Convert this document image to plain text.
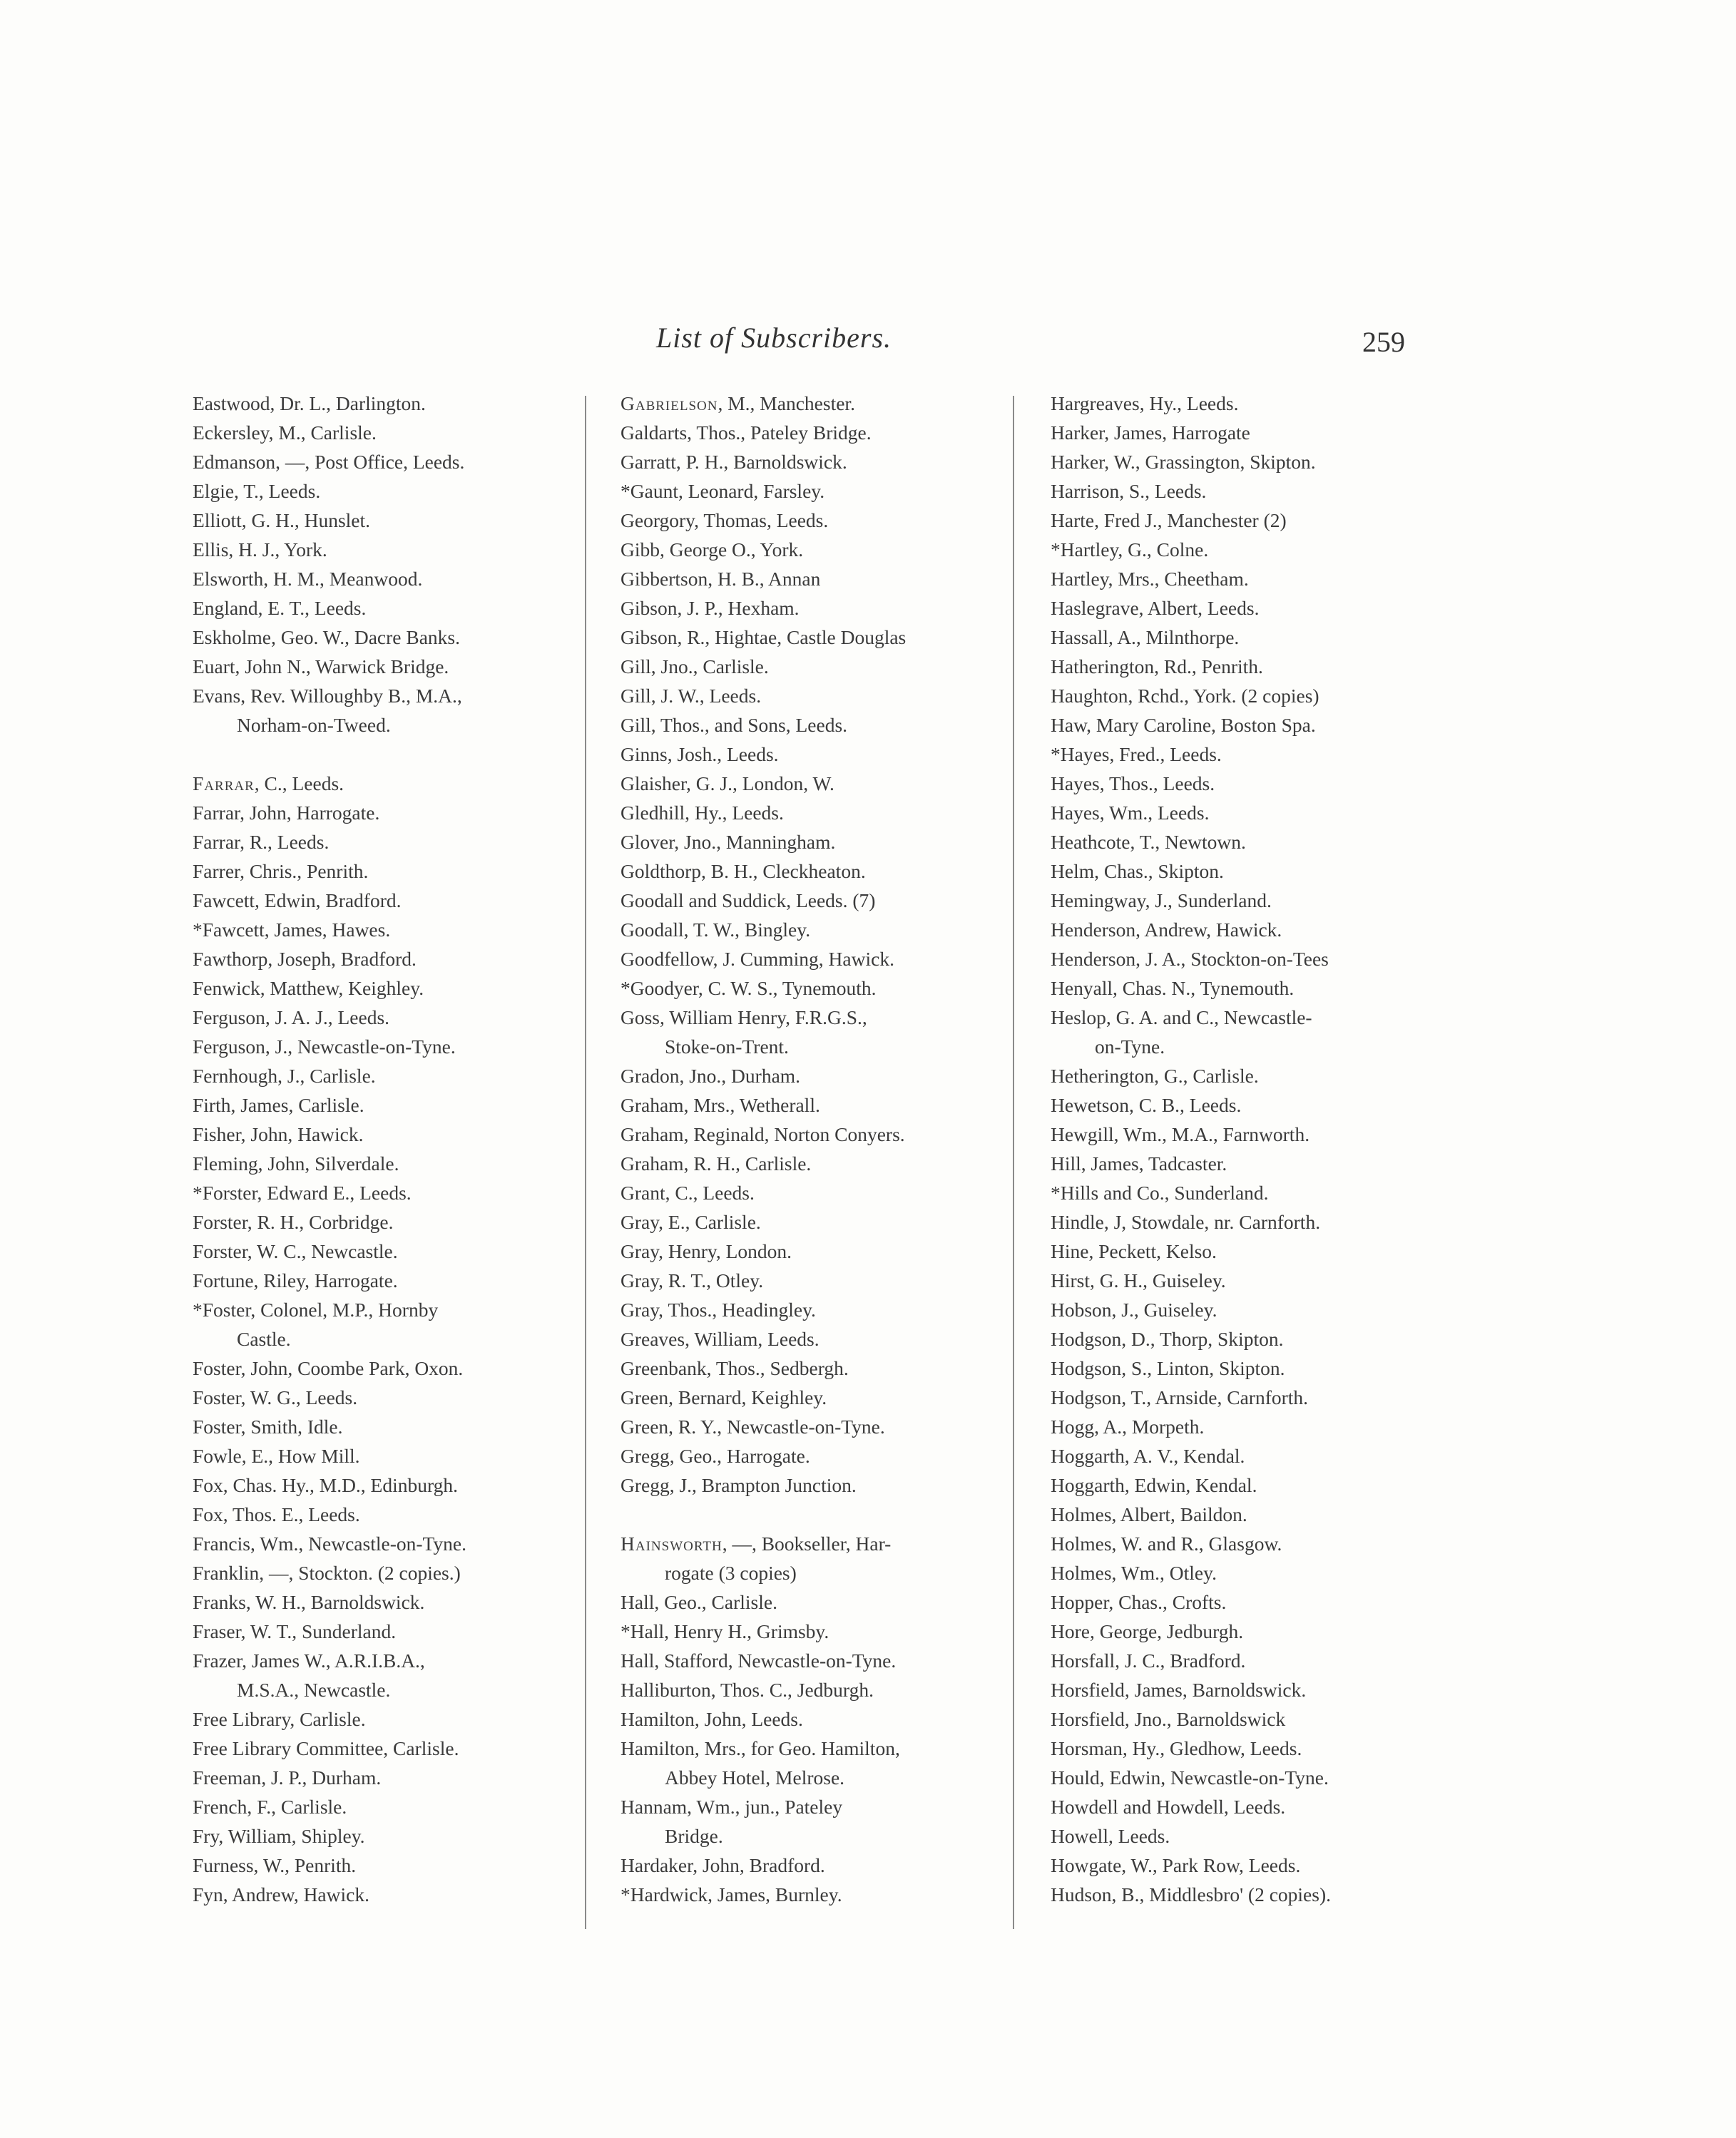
List of Subscribers.	259
Eastwood, Dr. L., Darlington.
Eckersley, M., Carlisle.
Edmanson, —, Post Office, Leeds.
Elgie, T., Leeds.
Elliott, G. H., Hunslet.
Ellis, H. J., York.
Elsworth, H. M., Meanwood.
England, E. T., Leeds.
Eskholme, Geo. W., Dacre Banks.
Euart, John N., Warwick Bridge.
Evans, Rev. Willoughby B., M.A.,
Norham-on-Tweed.
Farrar, C., Leeds.
Farrar, John, Harrogate.
Farrar, R., Leeds.
Farrer, Chris., Penrith.
Fawcett, Edwin, Bradford.
*Fawcett, James, Hawes.
Fawthorp, Joseph, Bradford.
Fenwick, Matthew, Keighley.
Ferguson, J. A. J., Leeds.
Ferguson, J., Newcastle-on-Tyne.
Fernhough, J., Carlisle.
Firth, James, Carlisle.
Fisher, John, Hawick.
Fleming, John, Silverdale.
*Forster, Edward E., Leeds.
Forster, R. H., Corbridge.
Forster, W. C., Newcastle.
Fortune, Riley, Harrogate.
*Foster, Colonel, M.P., Hornby
Castle.
Foster, John, Coombe Park, Oxon.
Foster, W. G., Leeds.
Foster, Smith, Idle.
Fowle, E., How Mill.
Fox, Chas. Hy., M.D., Edinburgh.
Fox, Thos. E., Leeds.
Francis, Wm., Newcastle-on-Tyne.
Franklin, —, Stockton. (2 copies.)
Franks, W. H., Barnoldswick.
Fraser, W. T., Sunderland.
Frazer, James W., A.R.I.B.A.,
M.S.A., Newcastle.
Free Library, Carlisle.
Free Library Committee, Carlisle.
Freeman, J. P., Durham.
French, F., Carlisle.
Fry, William, Shipley.
Furness, W., Penrith.
Fyn, Andrew, Hawick.
Gabrielson, M., Manchester.
Galdarts, Thos., Pateley Bridge.
Garratt, P. H., Barnoldswick.
*Gaunt, Leonard, Farsley.
Georgory, Thomas, Leeds.
Gibb, George O., York.
Gibbertson, H. B., Annan
Gibson, J. P., Hexham.
Gibson, R., Hightae, Castle Douglas
Gill, Jno., Carlisle.
Gill, J. W., Leeds.
Gill, Thos., and Sons, Leeds.
Ginns, Josh., Leeds.
Glaisher, G. J., London, W.
Gledhill, Hy., Leeds.
Glover, Jno., Manningham.
Goldthorp, B. H., Cleckheaton.
Goodall and Suddick, Leeds. (7)
Goodall, T. W., Bingley.
Goodfellow, J. Cumming, Hawick.
*Goodyer, C. W. S., Tynemouth.
Goss, William Henry, F.R.G.S.,
Stoke-on-Trent.
Gradon, Jno., Durham.
Graham, Mrs., Wetherall.
Graham, Reginald, Norton Conyers.
Graham, R. H., Carlisle.
Grant, C., Leeds.
Gray, E., Carlisle.
Gray, Henry, London.
Gray, R. T., Otley.
Gray, Thos., Headingley.
Greaves, William, Leeds.
Greenbank, Thos., Sedbergh.
Green, Bernard, Keighley.
Green, R. Y., Newcastle-on-Tyne.
Gregg, Geo., Harrogate.
Gregg, J., Brampton Junction.
Hainsworth, —, Bookseller, Har-
rogate (3 copies)
Hall, Geo., Carlisle.
*Hall, Henry H., Grimsby.
Hall, Stafford, Newcastle-on-Tyne.
Halliburton, Thos. C., Jedburgh.
Hamilton, John, Leeds.
Hamilton, Mrs., for Geo. Hamilton,
Abbey Hotel, Melrose.
Hannam, Wm., jun., Pateley
Bridge.
Hardaker, John, Bradford.
*Hardwick, James, Burnley.
Hargreaves, Hy., Leeds.
Harker, James, Harrogate
Harker, W., Grassington, Skipton.
Harrison, S., Leeds.
Harte, Fred J., Manchester (2)
*Hartley, G., Colne.
Hartley, Mrs., Cheetham.
Haslegrave, Albert, Leeds.
Hassall, A., Milnthorpe.
Hatherington, Rd., Penrith.
Haughton, Rchd., York. (2 copies)
Haw, Mary Caroline, Boston Spa.
*Hayes, Fred., Leeds.
Hayes, Thos., Leeds.
Hayes, Wm., Leeds.
Heathcote, T., Newtown.
Helm, Chas., Skipton.
Hemingway, J., Sunderland.
Henderson, Andrew, Hawick.
Henderson, J. A., Stockton-on-Tees
Henyall, Chas. N., Tynemouth.
Heslop, G. A. and C., Newcastle-
on-Tyne.
Hetherington, G., Carlisle.
Hewetson, C. B., Leeds.
Hewgill, Wm., M.A., Farnworth.
Hill, James, Tadcaster.
*Hills and Co., Sunderland.
Hindle, J, Stowdale, nr. Carnforth.
Hine, Peckett, Kelso.
Hirst, G. H., Guiseley.
Hobson, J., Guiseley.
Hodgson, D., Thorp, Skipton.
Hodgson, S., Linton, Skipton.
Hodgson, T., Arnside, Carnforth.
Hogg, A., Morpeth.
Hoggarth, A. V., Kendal.
Hoggarth, Edwin, Kendal.
Holmes, Albert, Baildon.
Holmes, W. and R., Glasgow.
Holmes, Wm., Otley.
Hopper, Chas., Crofts.
Hore, George, Jedburgh.
Horsfall, J. C., Bradford.
Horsfield, James, Barnoldswick.
Horsfield, Jno., Barnoldswick
Horsman, Hy., Gledhow, Leeds.
Hould, Edwin, Newcastle-on-Tyne.
Howdell and Howdell, Leeds.
Howell, Leeds.
Howgate, W., Park Row, Leeds.
Hudson, B., Middlesbro' (2 copies).
